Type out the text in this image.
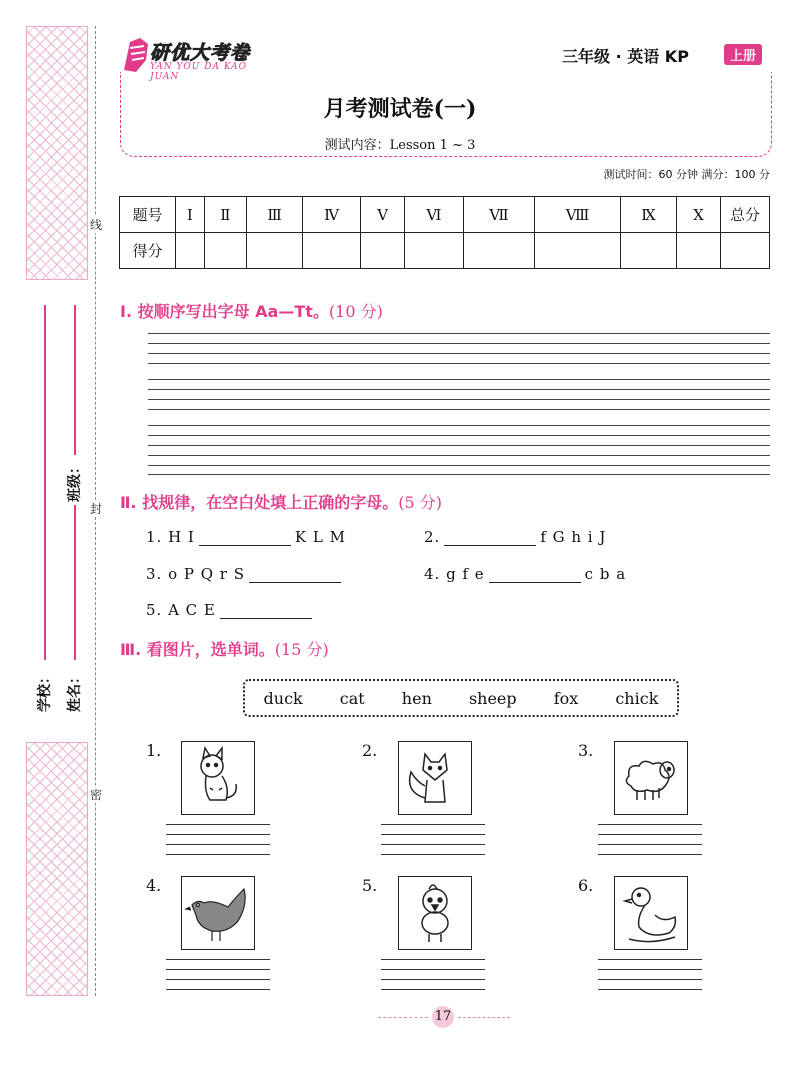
线
封
密
学校： 姓名：
班级：
研优大考卷
YAN YOU DA KAO JUAN
三年级 · 英语 KP	上册
月考测试卷(一)
测试内容：Lesson 1 ~ 3
测试时间：60 分钟 满分：100 分
题号	Ⅰ	Ⅱ	Ⅲ	Ⅳ	Ⅴ	Ⅵ	Ⅶ	Ⅷ	Ⅸ	Ⅹ	总分
得分											
Ⅰ. 按顺序写出字母 Aa—Tt。(10 分)
Ⅱ. 找规律，在空白处填上正确的字母。(5 分)
1. H I	K L M	2.	f G h i J
3. o P Q r S	4. g f e	c b a
5. A C E
Ⅲ. 看图片，选单词。(15 分)
duck cat hen sheep fox chick
1.	2.	3.
4.	5.	6.
17
